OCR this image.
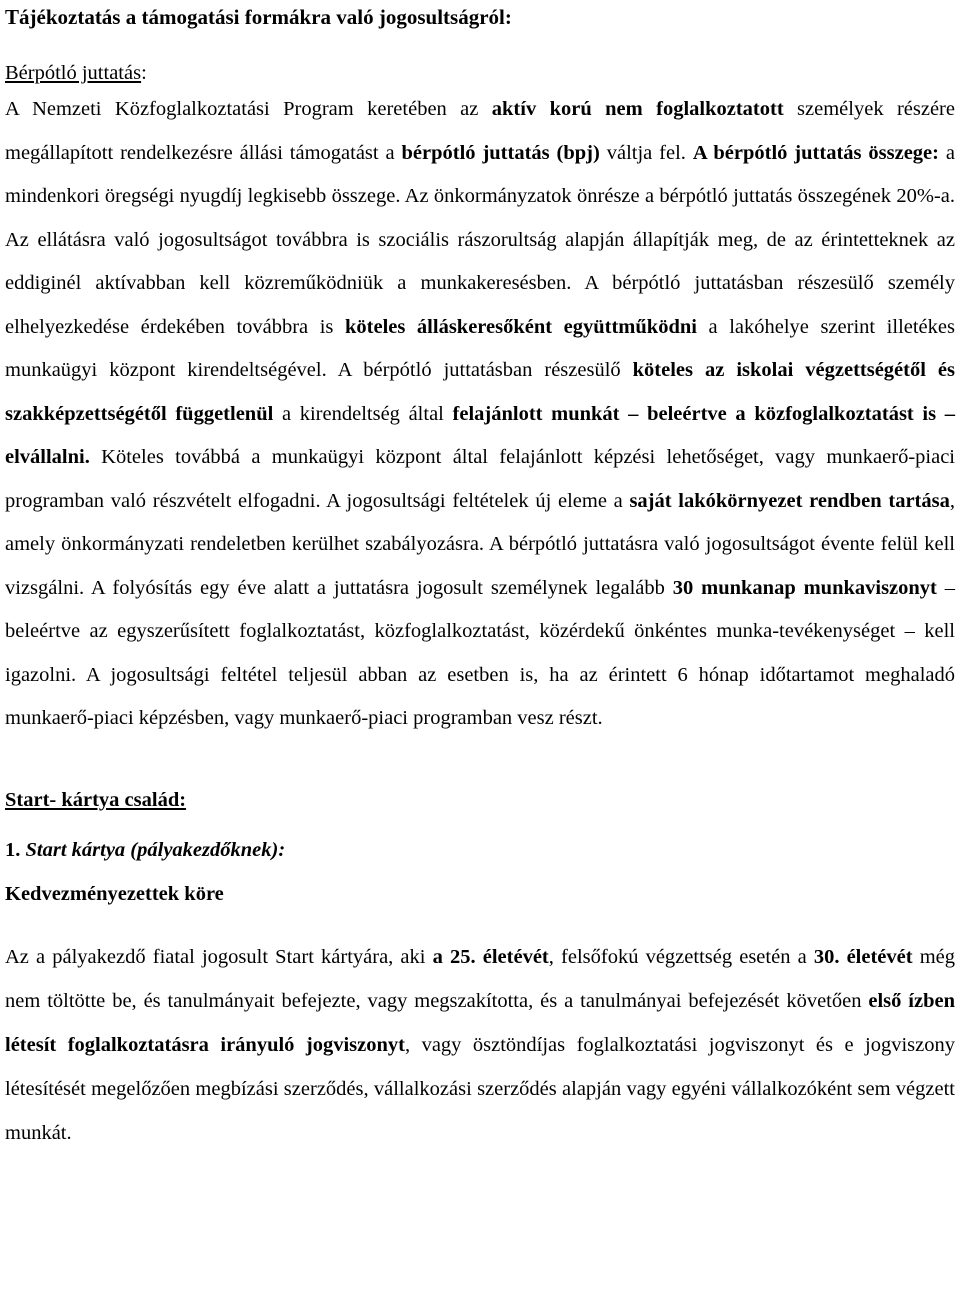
Tájékoztatás a támogatási formákra való jogosultságról:

Bérpótló juttatás:

A Nemzeti Közfoglalkoztatási Program keretében az aktív korú nem foglalkoztatott személyek részére megállapított rendelkezésre állási támogatást a bérpótló juttatás (bpj) váltja fel. A bérpótló juttatás összege: a mindenkori öregségi nyugdíj legkisebb összege. Az önkormányzatok önrésze a bérpótló juttatás összegének 20%-a. Az ellátásra való jogosultságot továbbra is szociális rászorultság alapján állapítják meg, de az érintetteknek az eddiginél aktívabban kell közreműködniük a munkakeresésben. A bérpótló juttatásban részesülő személy elhelyezkedése érdekében továbbra is köteles álláskeresőként együttműködni a lakóhelye szerint illetékes munkaügyi központ kirendeltségével. A bérpótló juttatásban részesülő köteles az iskolai végzettségétől és szakképzettségétől függetlenül a kirendeltség által felajánlott munkát – beleértve a közfoglalkoztatást is – elvállalni. Köteles továbbá a munkaügyi központ által felajánlott képzési lehetőséget, vagy munkaerő-piaci programban való részvételt elfogadni. A jogosultsági feltételek új eleme a saját lakókörnyezet rendben tartása, amely önkormányzati rendeletben kerülhet szabályozásra. A bérpótló juttatásra való jogosultságot évente felül kell vizsgálni. A folyósítás egy éve alatt a juttatásra jogosult személynek legalább 30 munkanap munkaviszonyt – beleértve az egyszerűsített foglalkoztatást, közfoglalkoztatást, közérdekű önkéntes munka-tevékenységet – kell igazolni. A jogosultsági feltétel teljesül abban az esetben is, ha az érintett 6 hónap időtartamot meghaladó munkaerő-piaci képzésben, vagy munkaerő-piaci programban vesz részt.

Start- kártya család:

1. Start kártya (pályakezdőknek):

Kedvezményezettek köre

Az a pályakezdő fiatal jogosult Start kártyára, aki a 25. életévét, felsőfokú végzettség esetén a 30. életévét még nem töltötte be, és tanulmányait befejezte, vagy megszakította, és a tanulmányai befejezését követően első ízben létesít foglalkoztatásra irányuló jogviszonyt, vagy ösztöndíjas foglalkoztatási jogviszonyt és e jogviszony létesítését megelőzően megbízási szerződés, vállalkozási szerződés alapján vagy egyéni vállalkozóként sem végzett munkát.
